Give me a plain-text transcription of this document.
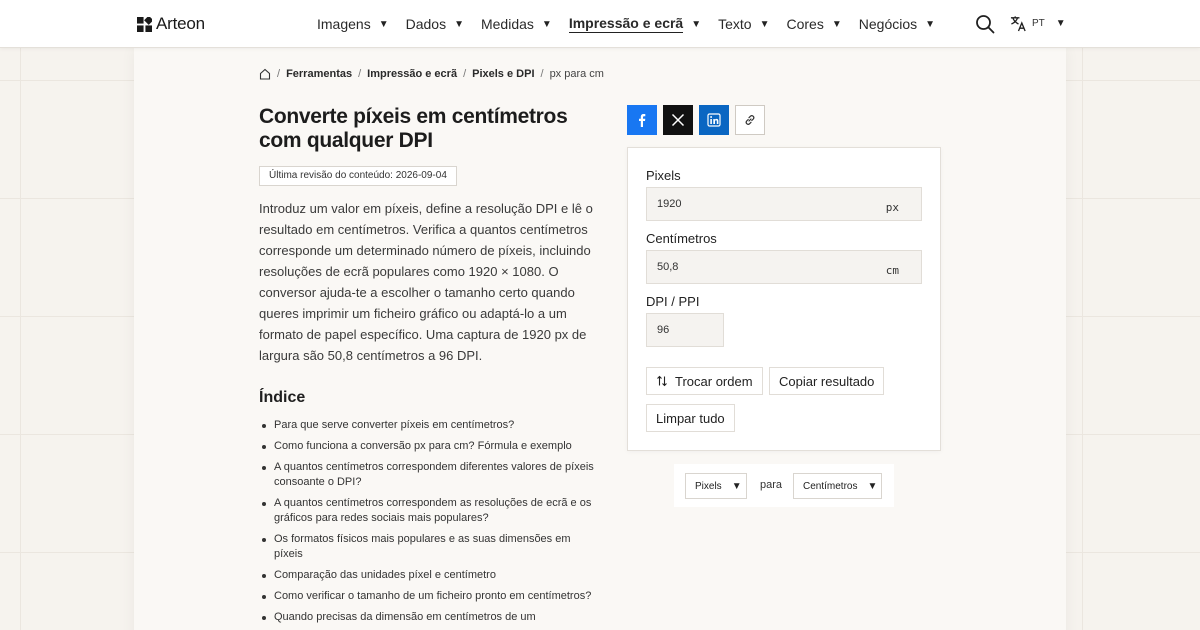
Arteon	Imagens ▼ Dados ▼ Medidas ▼ Impressão e ecrã ▼ Texto ▼ Cores ▼ Negócios ▼	PT ▼
/ Ferramentas / Impressão e ecrã / Pixels e DPI / px para cm
Converte píxeis em centímetros com qualquer DPI
Última revisão do conteúdo: 2026-09-04

Introduz um valor em píxeis, define a resolução DPI e lê o resultado em centímetros. Verifica a quantos centímetros corresponde um determinado número de píxeis, incluindo resoluções de ecrã populares como 1920 × 1080. O conversor ajuda-te a escolher o tamanho certo quando queres imprimir um ficheiro gráfico ou adaptá-lo a um formato de papel específico. Uma captura de 1920 px de largura são 50,8 centímetros a 96 DPI.

Índice
Para que serve converter píxeis em centímetros?
Como funciona a conversão px para cm? Fórmula e exemplo
A quantos centímetros correspondem diferentes valores de píxeis consoante o DPI?
A quantos centímetros correspondem as resoluções de ecrã e os gráficos para redes sociais mais populares?
Os formatos físicos mais populares e as suas dimensões em píxeis
Comparação das unidades píxel e centímetro
Como verificar o tamanho de um ficheiro pronto em centímetros?
Quando precisas da dimensão em centímetros de um
Pixels
1920	px
Centímetros
50,8	cm
DPI / PPI
96
Trocar ordem Copiar resultado
Limpar tudo
Pixels ▼ para Centímetros ▼
